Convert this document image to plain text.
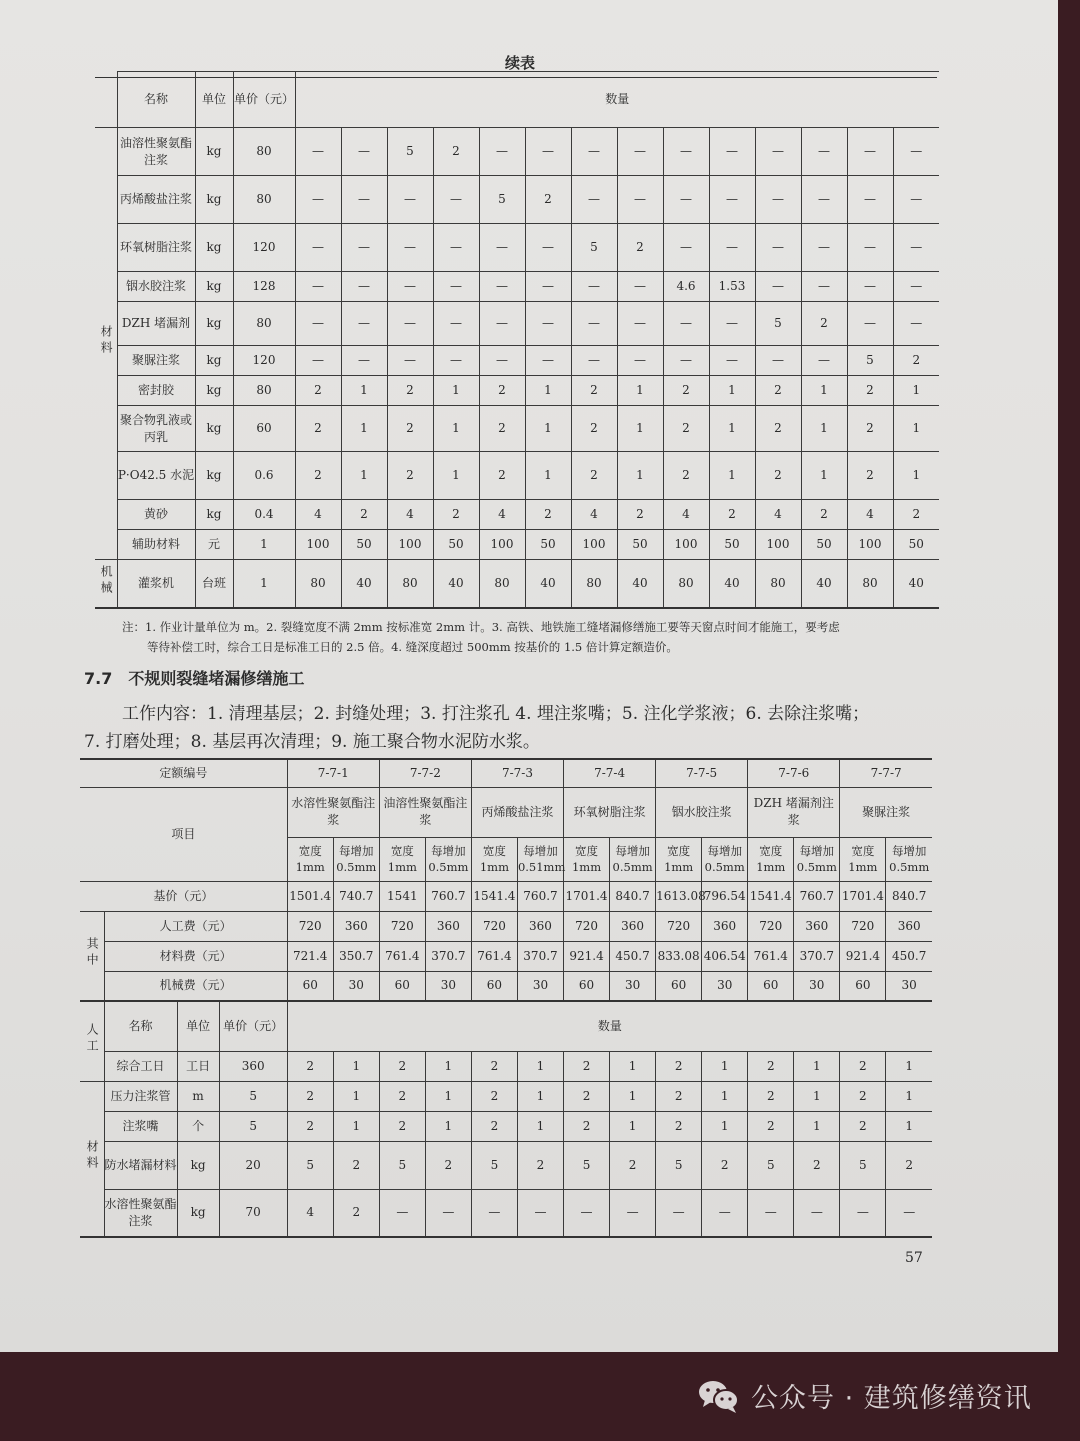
续表
	名称	单位	单价（元）	数量													
材料	油溶性聚氨酯注浆	kg	80	—	—	5	2	—	—	—	—	—	—	—	—	—	—
	丙烯酸盐注浆	kg	80	—	—	—	—	5	2	—	—	—	—	—	—	—	—
	环氧树脂注浆	kg	120	—	—	—	—	—	—	5	2	—	—	—	—	—	—
	铟水胶注浆	kg	128	—	—	—	—	—	—	—	—	4.6	1.53	—	—	—	—
	DZH 堵漏剂	kg	80	—	—	—	—	—	—	—	—	—	—	5	2	—	—
	聚脲注浆	kg	120	—	—	—	—	—	—	—	—	—	—	—	—	5	2
	密封胶	kg	80	2	1	2	1	2	1	2	1	2	1	2	1	2	1
	聚合物乳液或丙乳	kg	60	2	1	2	1	2	1	2	1	2	1	2	1	2	1
	P·O42.5 水泥	kg	0.6	2	1	2	1	2	1	2	1	2	1	2	1	2	1
	黄砂	kg	0.4	4	2	4	2	4	2	4	2	4	2	4	2	4	2
	辅助材料	元	1	100	50	100	50	100	50	100	50	100	50	100	50	100	50
机械	灌浆机	台班	1	80	40	80	40	80	40	80	40	80	40	80	40	80	40
注：1. 作业计量单位为 m。2. 裂缝宽度不满 2mm 按标准宽 2mm 计。3. 高铁、地铁施工缝堵漏修缮施工要等天窗点时间才能施工，要考虑
等待补偿工时，综合工日是标准工日的 2.5 倍。4. 缝深度超过 500mm 按基价的 1.5 倍计算定额造价。
7.7 不规则裂缝堵漏修缮施工
工作内容：1. 清理基层；2. 封缝处理；3. 打注浆孔 4. 埋注浆嘴；5. 注化学浆液；6. 去除注浆嘴；
7. 打磨处理；8. 基层再次清理；9. 施工聚合物水泥防水浆。
定额编号				7-7-1		7-7-2		7-7-3		7-7-4		7-7-5		7-7-6		7-7-7	
项目				水溶性聚氨酯注浆		油溶性聚氨酯注浆		丙烯酸盐注浆		环氧树脂注浆		铟水胶注浆		DZH 堵漏剂注浆		聚脲注浆	
				宽度 1mm	每增加 0.5mm	宽度 1mm	每增加 0.5mm	宽度 1mm	每增加 0.51mm	宽度 1mm	每增加 0.5mm	宽度 1mm	每增加 0.5mm	宽度 1mm	每增加 0.5mm	宽度 1mm	每增加 0.5mm
基价（元）				1501.4	740.7	1541	760.7	1541.4	760.7	1701.4	840.7	1613.08	796.54	1541.4	760.7	1701.4	840.7
其中	人工费（元）			720	360	720	360	720	360	720	360	720	360	720	360	720	360
	材料费（元）			721.4	350.7	761.4	370.7	761.4	370.7	921.4	450.7	833.08	406.54	761.4	370.7	921.4	450.7
	机械费（元）			60	30	60	30	60	30	60	30	60	30	60	30	60	30
人工	名称	单位	单价（元）	数量													
	综合工日	工日	360	2	1	2	1	2	1	2	1	2	1	2	1	2	1
材料	压力注浆管	m	5	2	1	2	1	2	1	2	1	2	1	2	1	2	1
	注浆嘴	个	5	2	1	2	1	2	1	2	1	2	1	2	1	2	1
	防水堵漏材料	kg	20	5	2	5	2	5	2	5	2	5	2	5	2	5	2
	水溶性聚氨酯注浆	kg	70	4	2	—	—	—	—	—	—	—	—	—	—	—	—
57
公众号 · 建筑修缮资讯
